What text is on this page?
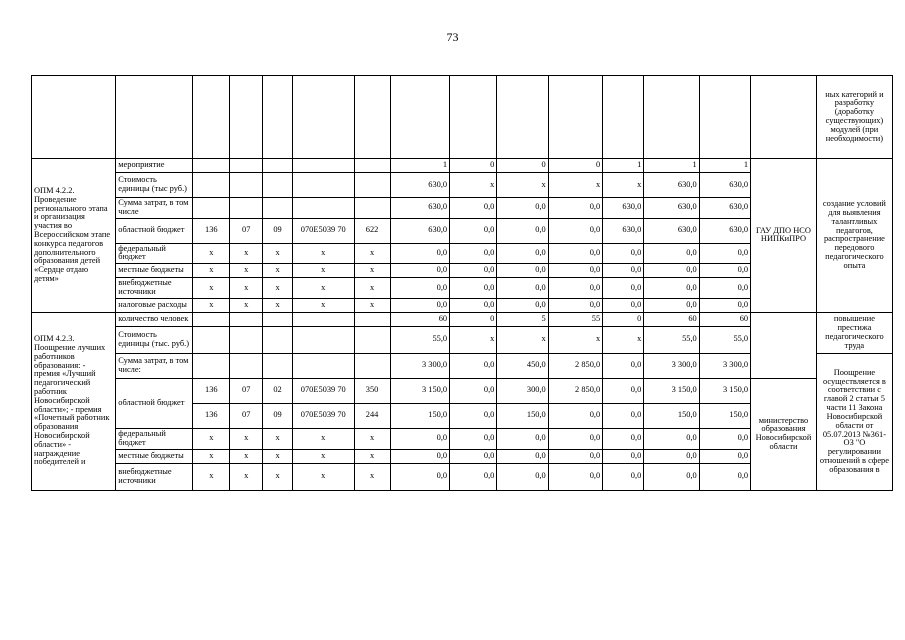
73
															ных категорий и разработку (доработку существующих) модулей (при необходимости)
ОПМ 4.2.2. Проведение регионального этапа и организация участия во Всероссийском этапе конкурса педагогов дополнительного образования детей «Сердце отдаю детям»	мероприятие						1	0	0	0	1	1	1	ГАУ ДПО НСО НИПКиПРО	создание условий для выявления талантливых педагогов, распространение передового педагогического опыта
	Стоимость единицы (тыс руб.)						630,0	х	х	х	х	630,0	630,0		
	Сумма затрат, в том числе						630,0	0,0	0,0	0,0	630,0	630,0	630,0		
	областной бюджет	136	07	09	070E5039 70	622	630,0	0,0	0,0	0,0	630,0	630,0	630,0		
	федеральный бюджет	х	х	х	х	х	0,0	0,0	0,0	0,0	0,0	0,0	0,0		
	местные бюджеты	х	х	х	х	х	0,0	0,0	0,0	0,0	0,0	0,0	0,0		
	внебюджетные источники	х	х	х	х	х	0,0	0,0	0,0	0,0	0,0	0,0	0,0		
	налоговые расходы	х	х	х	х	х	0,0	0,0	0,0	0,0	0,0	0,0	0,0		
ОПМ 4.2.3. Поощрение лучших работников образования: - премия «Лучший педагогический работник Новосибирской области»; - премия «Почетный работник образования Новосибирской области» - награждение победителей и	количество человек						60	0	5	55	0	60	60		повышение престижа педагогического труда
	Стоимость единицы (тыс. руб.)						55,0	х	х	х	х	55,0	55,0		
	Сумма затрат, в том числе:						3 300,0	0,0	450,0	2 850,0	0,0	3 300,0	3 300,0		Поощрение осуществляется в соответствии с главой 2 статьи 5 части 11 Закона Новосибирской области от 05.07.2013 №361-ОЗ "О регулировании отношений в сфере образования в
	областной бюджет	136	07	02	070E5039 70	350	3 150,0	0,0	300,0	2 850,0	0,0	3 150,0	3 150,0	министерство образования Новосибирской области	
		136	07	09	070E5039 70	244	150,0	0,0	150,0	0,0	0,0	150,0	150,0		
	федеральный бюджет	х	х	х	х	х	0,0	0,0	0,0	0,0	0,0	0,0	0,0		
	местные бюджеты	х	х	х	х	х	0,0	0,0	0,0	0,0	0,0	0,0	0,0		
	внебюджетные источники	х	х	х	х	х	0,0	0,0	0,0	0,0	0,0	0,0	0,0		
